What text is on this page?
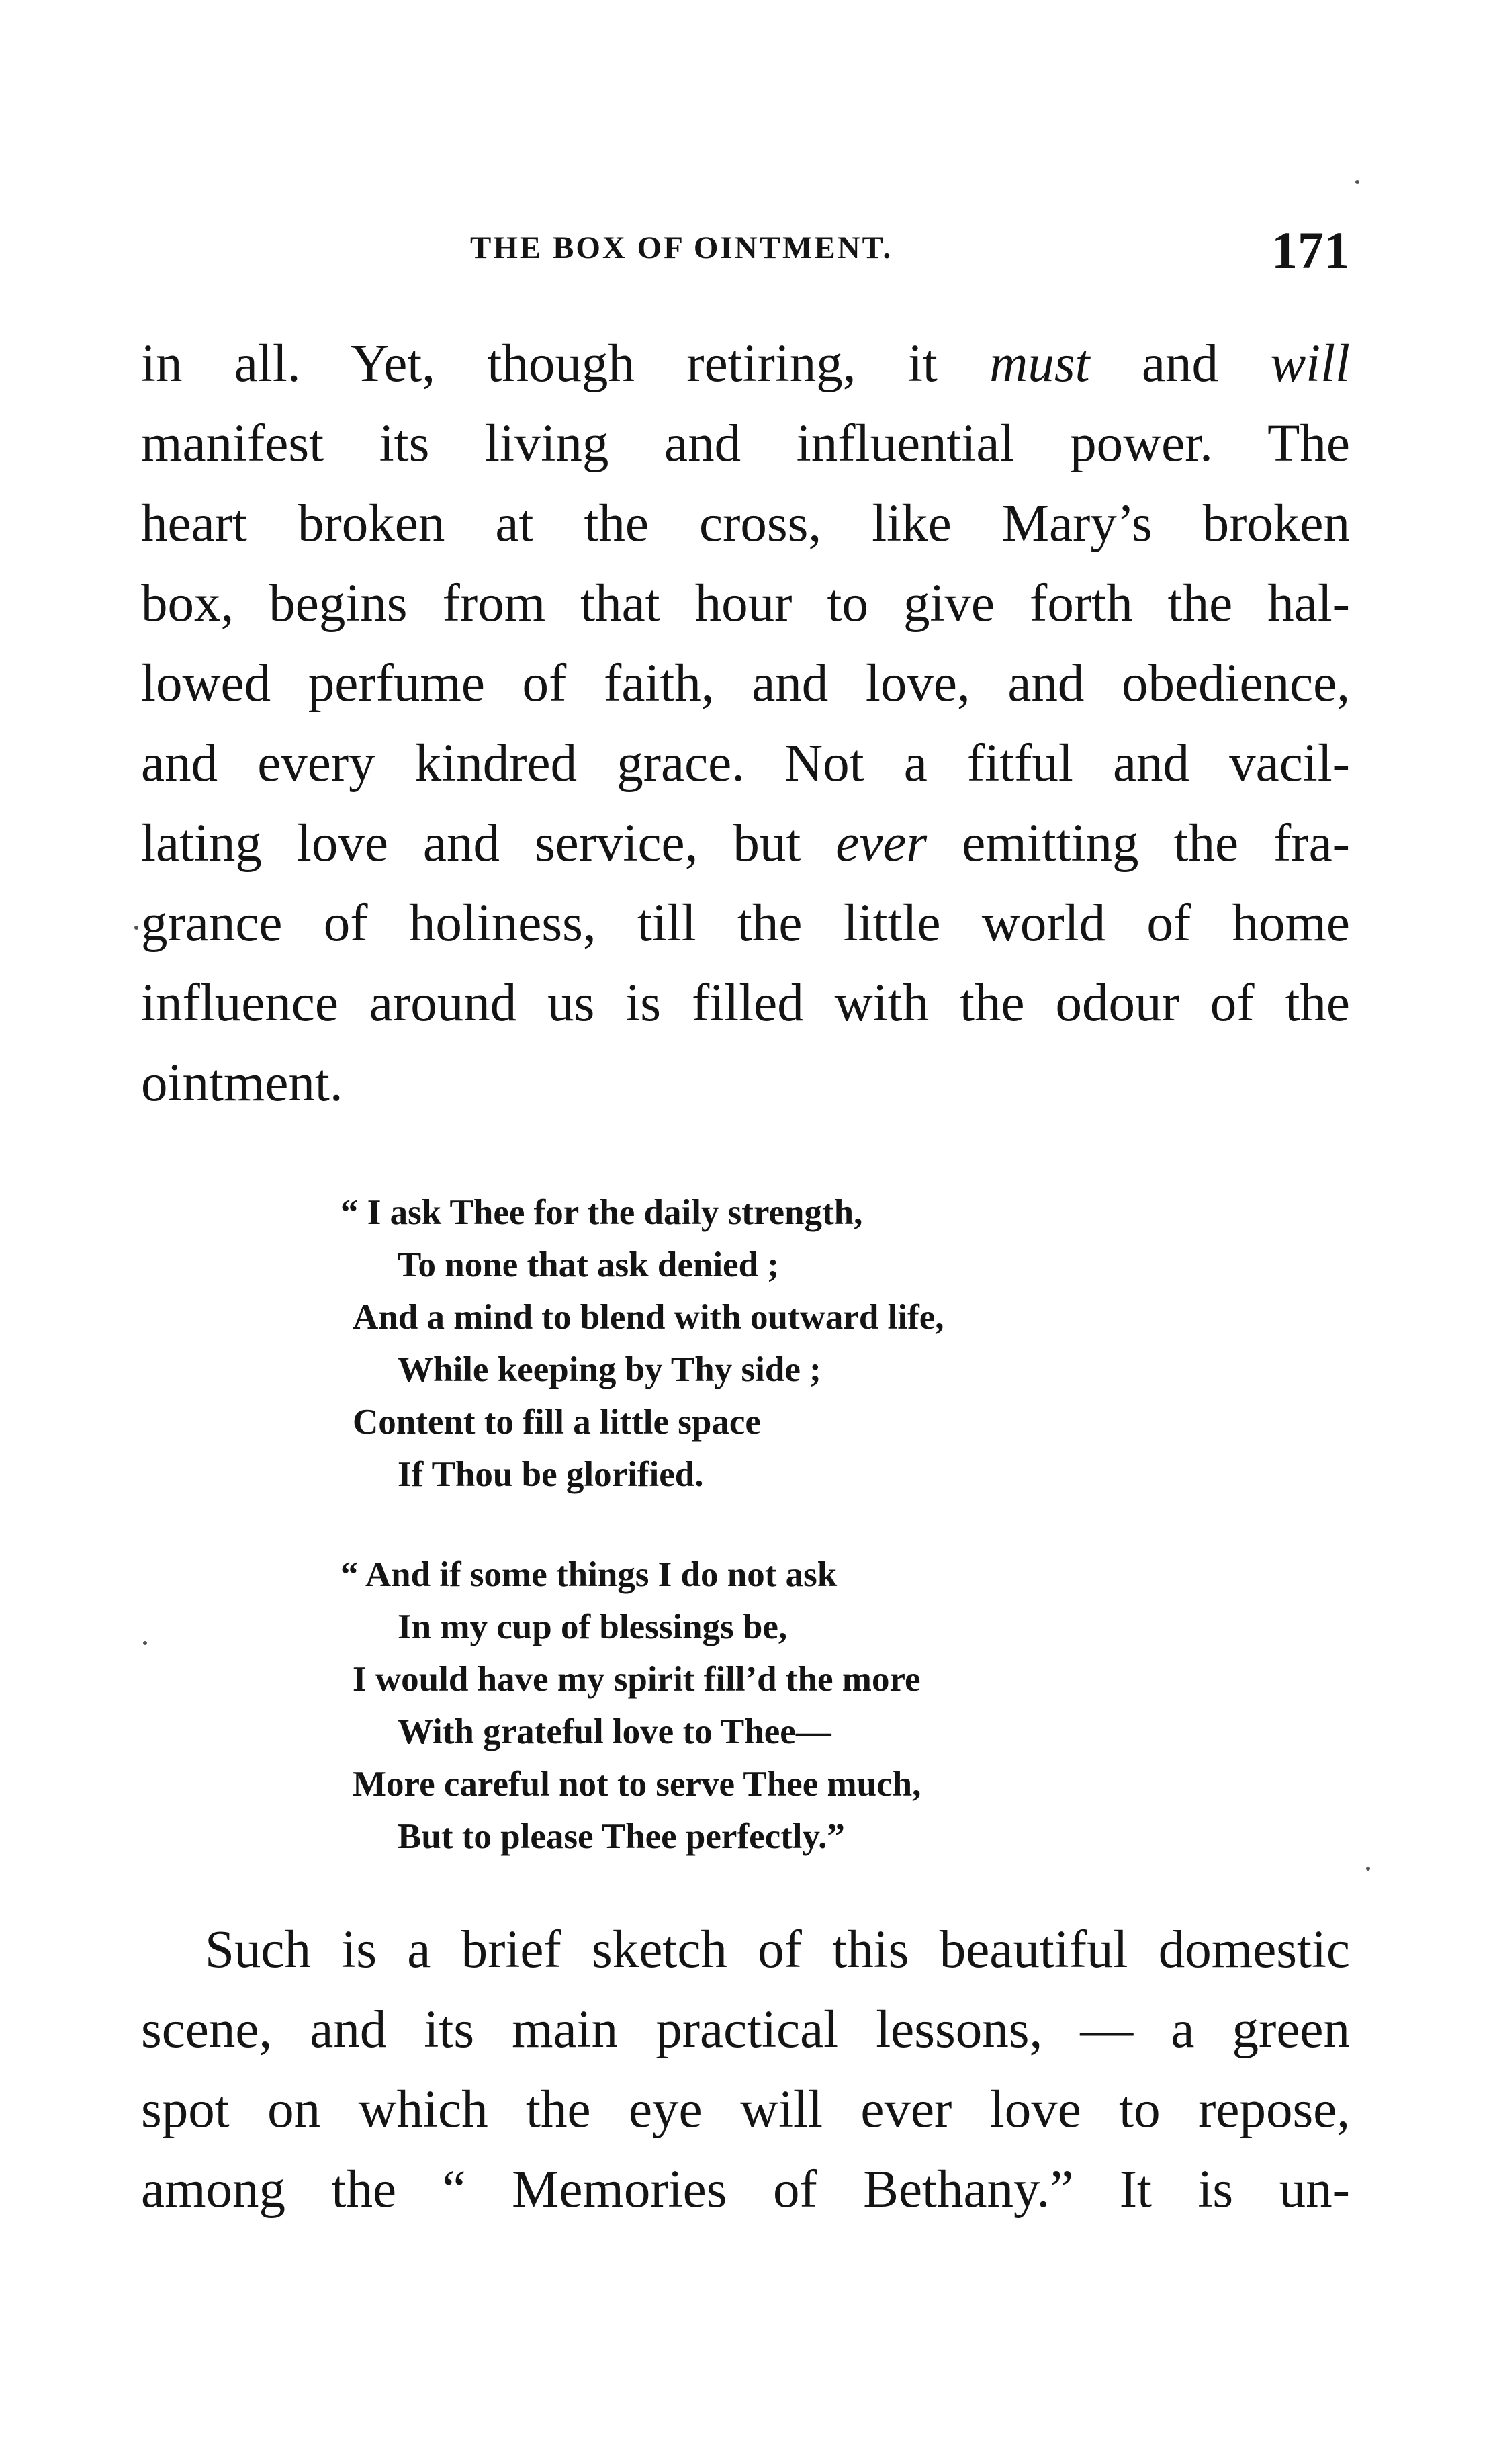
THE BOX OF OINTMENT.	171
in all. Yet, though retiring, it must and will
manifest its living and influential power. The
heart broken at the cross, like Mary’s broken
box, begins from that hour to give forth the hal-
lowed perfume of faith, and love, and obedience,
and every kindred grace. Not a fitful and vacil-
lating love and service, but ever emitting the fra-
grance of holiness, till the little world of home
influence around us is filled with the odour of the
ointment.
“ I ask Thee for the daily strength,
To none that ask denied ;
And a mind to blend with outward life,
While keeping by Thy side ;
Content to fill a little space
If Thou be glorified.
“ And if some things I do not ask
In my cup of blessings be,
I would have my spirit fill’d the more
With grateful love to Thee—
More careful not to serve Thee much,
But to please Thee perfectly.”
Such is a brief sketch of this beautiful domestic
scene, and its main practical lessons, — a green
spot on which the eye will ever love to repose,
among the “ Memories of Bethany.” It is un-
